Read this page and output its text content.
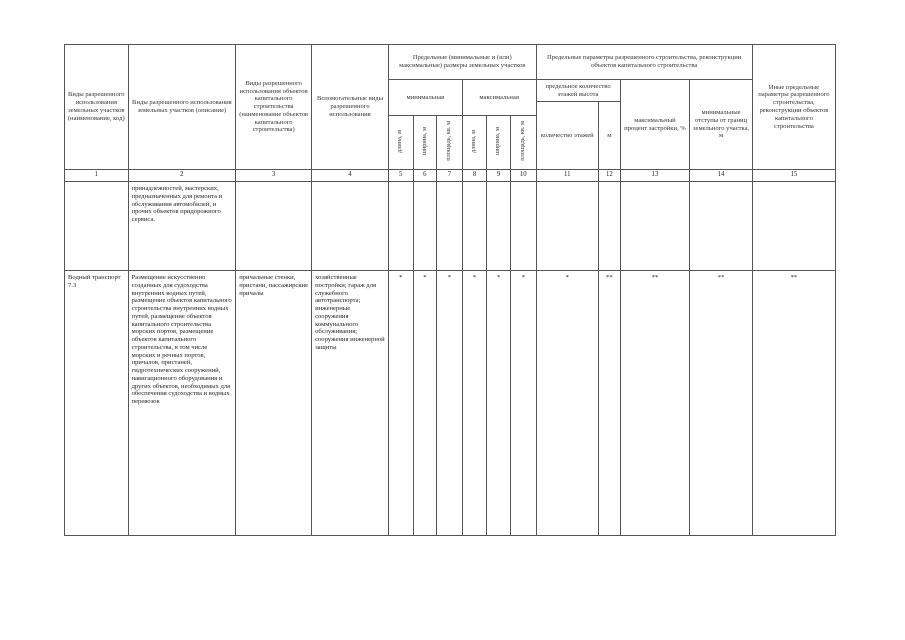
Виды разрешенного использования земельных участков (наименование, код)	Виды разрешенного использования земельных участков (описание)	Виды разрешенного использования объектов капитального строительства (наименование объектов капитального строительства)	Вспомогательные виды разрешенного использования	Предельные (минимальные и (или) максимальные) размеры земельных участков						Предельные параметры разрешенного строительства, реконструкции объектов капитального строительства				Иные предельные параметры разрешенного строительства, реконструкции объектов капитального строительства
				минимальная			максимальная			предельное количество этажей высота		максимальный процент застройки, %	минимальные отступы от границ земельного участка, м	
										количество этажей	м			
				длина, м	ширина, м	площадь, кв. м	длина, м	ширина, м	площадь, кв. м					
1	2	3	4	5	6	7	8	9	10	11	12	13	14	15
	принадлежностей, мастерских, предназначенных для ремонта и обслуживания автомобилей, и прочих объектов придорожного сервиса.													
Водный транспорт 7.3	Размещение искусственно созданных для судоходства внутренних водных путей, размещение объектов капитального строительства внутренних водных путей, размещение объектов капитального строительства морских портов, размещение объектов капитального строительства, в том числе морских и речных портов, причалов, пристаней, гидротехнических сооружений, навигационного оборудования и других объектов, необходимых для обеспечения судоходства и водных перевозок	причальные стенки, пристани, пассажирские причалы	хозяйственные постройки; гараж для служебного автотранспорта; инженерные сооружения коммунального обслуживания; сооружения инженерной защиты	*	*	*	*	*	*	*	**	**	**	**
